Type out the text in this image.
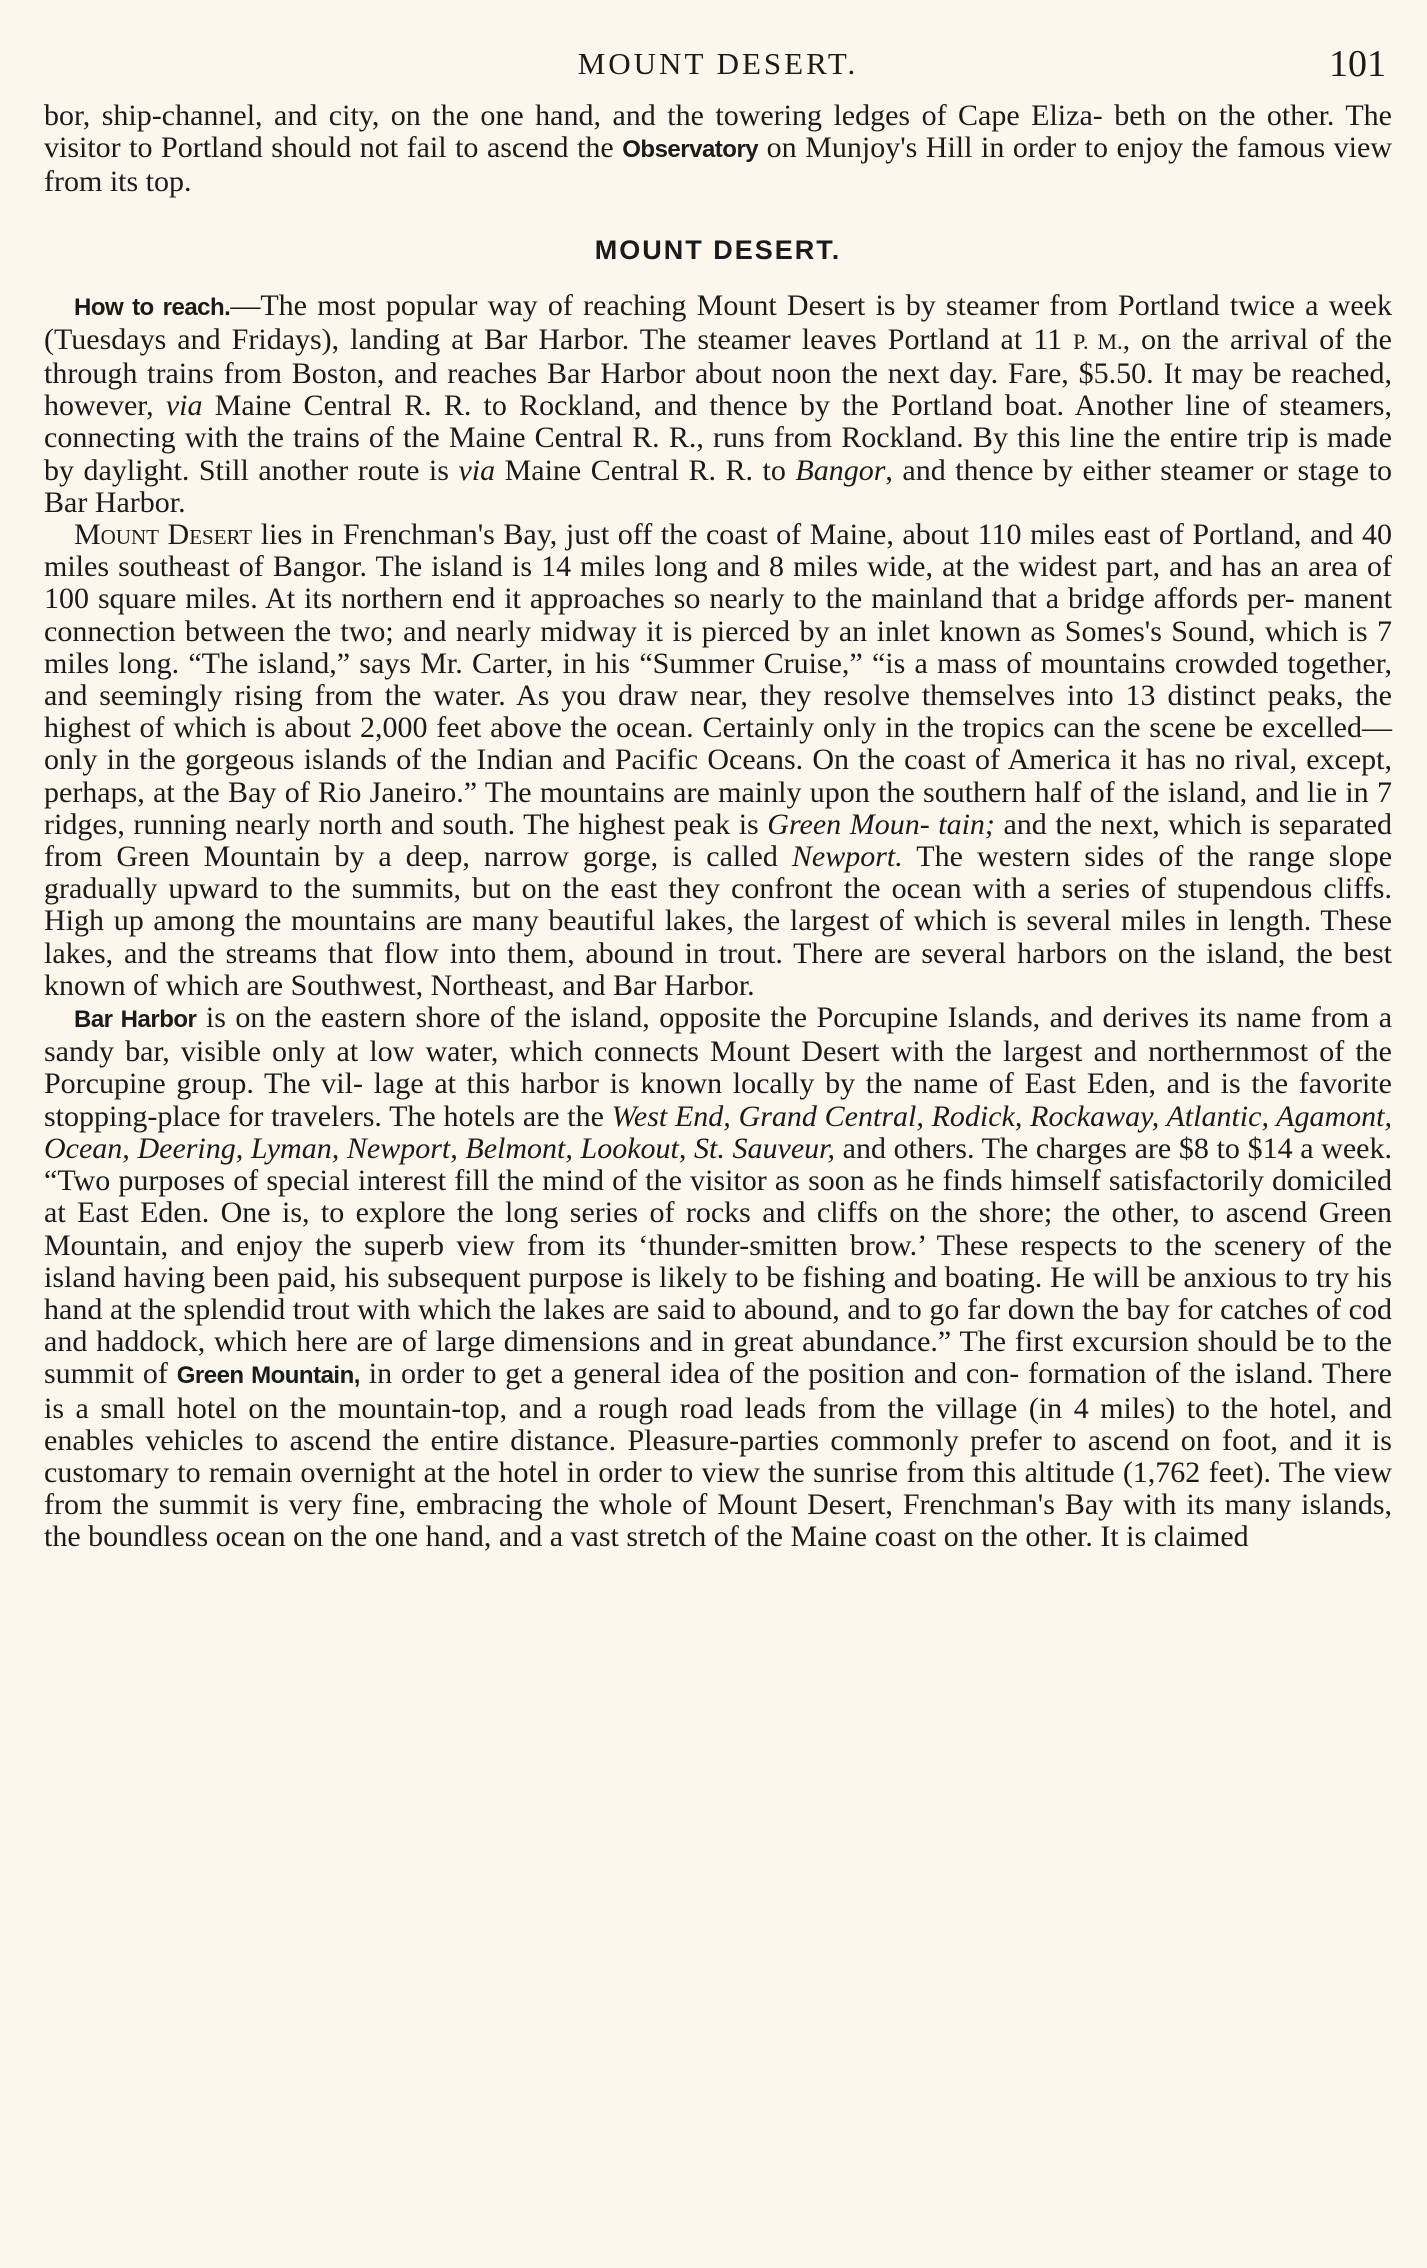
MOUNT DESERT.	101

bor, ship-channel, and city, on the one hand, and the towering ledges of Cape Eliza- beth on the other. The visitor to Portland should not fail to ascend the Observatory on Munjoy's Hill in order to enjoy the famous view from its top.

MOUNT DESERT.

How to reach.—The most popular way of reaching Mount Desert is by steamer from Portland twice a week (Tuesdays and Fridays), landing at Bar Harbor. The steamer leaves Portland at 11 P. M., on the arrival of the through trains from Boston, and reaches Bar Harbor about noon the next day. Fare, $5.50. It may be reached, however, via Maine Central R. R. to Rockland, and thence by the Portland boat. Another line of steamers, connecting with the trains of the Maine Central R. R., runs from Rockland. By this line the entire trip is made by daylight. Still another route is via Maine Central R. R. to Bangor, and thence by either steamer or stage to Bar Harbor.

Mount Desert lies in Frenchman's Bay, just off the coast of Maine, about 110 miles east of Portland, and 40 miles southeast of Bangor. The island is 14 miles long and 8 miles wide, at the widest part, and has an area of 100 square miles. At its northern end it approaches so nearly to the mainland that a bridge affords per- manent connection between the two; and nearly midway it is pierced by an inlet known as Somes's Sound, which is 7 miles long. “The island,” says Mr. Carter, in his “Summer Cruise,” “is a mass of mountains crowded together, and seemingly rising from the water. As you draw near, they resolve themselves into 13 distinct peaks, the highest of which is about 2,000 feet above the ocean. Certainly only in the tropics can the scene be excelled—only in the gorgeous islands of the Indian and Pacific Oceans. On the coast of America it has no rival, except, perhaps, at the Bay of Rio Janeiro.” The mountains are mainly upon the southern half of the island, and lie in 7 ridges, running nearly north and south. The highest peak is Green Moun- tain; and the next, which is separated from Green Mountain by a deep, narrow gorge, is called Newport. The western sides of the range slope gradually upward to the summits, but on the east they confront the ocean with a series of stupendous cliffs. High up among the mountains are many beautiful lakes, the largest of which is several miles in length. These lakes, and the streams that flow into them, abound in trout. There are several harbors on the island, the best known of which are Southwest, Northeast, and Bar Harbor.

Bar Harbor is on the eastern shore of the island, opposite the Porcupine Islands, and derives its name from a sandy bar, visible only at low water, which connects Mount Desert with the largest and northernmost of the Porcupine group. The vil- lage at this harbor is known locally by the name of East Eden, and is the favorite stopping-place for travelers. The hotels are the West End, Grand Central, Rodick, Rockaway, Atlantic, Agamont, Ocean, Deering, Lyman, Newport, Belmont, Lookout, St. Sauveur, and others. The charges are $8 to $14 a week. “Two purposes of special interest fill the mind of the visitor as soon as he finds himself satisfactorily domiciled at East Eden. One is, to explore the long series of rocks and cliffs on the shore; the other, to ascend Green Mountain, and enjoy the superb view from its ‘thunder-smitten brow.’ These respects to the scenery of the island having been paid, his subsequent purpose is likely to be fishing and boating. He will be anxious to try his hand at the splendid trout with which the lakes are said to abound, and to go far down the bay for catches of cod and haddock, which here are of large dimensions and in great abundance.” The first excursion should be to the summit of Green Mountain, in order to get a general idea of the position and con- formation of the island. There is a small hotel on the mountain-top, and a rough road leads from the village (in 4 miles) to the hotel, and enables vehicles to ascend the entire distance. Pleasure-parties commonly prefer to ascend on foot, and it is customary to remain overnight at the hotel in order to view the sunrise from this altitude (1,762 feet). The view from the summit is very fine, embracing the whole of Mount Desert, Frenchman's Bay with its many islands, the boundless ocean on the one hand, and a vast stretch of the Maine coast on the other. It is claimed
